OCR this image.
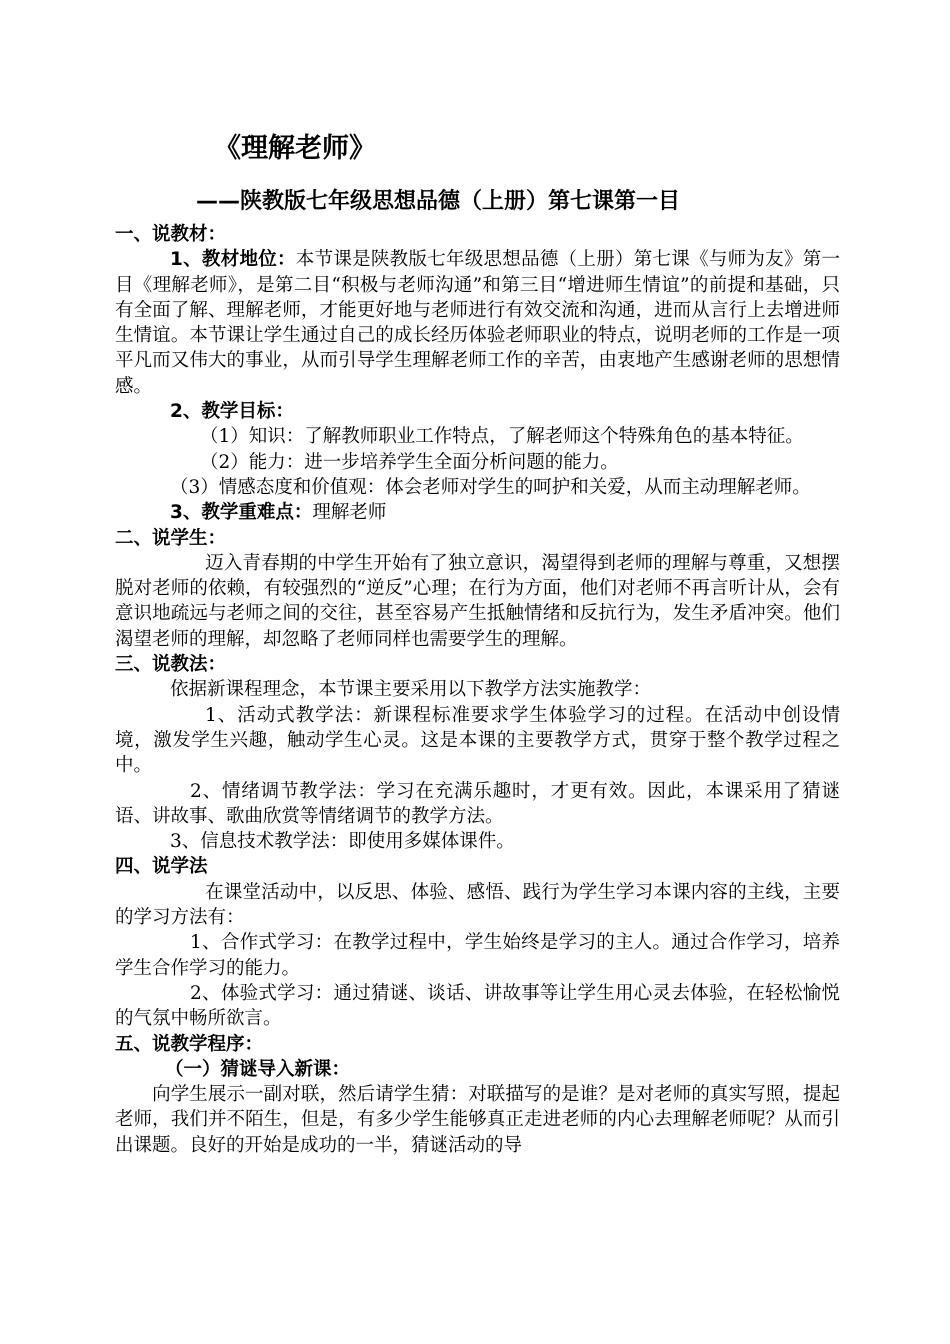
《理解老师》
——陕教版七年级思想品德（上册）第七课第一目

一、说教材：

1、教材地位：本节课是陕教版七年级思想品德（上册）第七课《与师为友》第一目《理解老师》，是第二目“积极与老师沟通”和第三目“增进师生情谊”的前提和基础，只有全面了解、理解老师，才能更好地与老师进行有效交流和沟通，进而从言行上去增进师生情谊。本节课让学生通过自己的成长经历体验老师职业的特点，说明老师的工作是一项平凡而又伟大的事业，从而引导学生理解老师工作的辛苦，由衷地产生感谢老师的思想情感。

2、教学目标：

（1）知识：了解教师职业工作特点，了解老师这个特殊角色的基本特征。

（2）能力：进一步培养学生全面分析问题的能力。

（3）情感态度和价值观：体会老师对学生的呵护和关爱，从而主动理解老师。

3、教学重难点：理解老师

二、说学生：

迈入青春期的中学生开始有了独立意识，渴望得到老师的理解与尊重，又想摆脱对老师的依赖，有较强烈的“逆反”心理；在行为方面，他们对老师不再言听计从，会有意识地疏远与老师之间的交往，甚至容易产生抵触情绪和反抗行为，发生矛盾冲突。他们渴望老师的理解，却忽略了老师同样也需要学生的理解。

三、说教法：

依据新课程理念，本节课主要采用以下教学方法实施教学：

1、活动式教学法：新课程标准要求学生体验学习的过程。在活动中创设情境，激发学生兴趣，触动学生心灵。这是本课的主要教学方式，贯穿于整个教学过程之中。

2、情绪调节教学法：学习在充满乐趣时，才更有效。因此，本课采用了猜谜语、讲故事、歌曲欣赏等情绪调节的教学方法。

3、信息技术教学法：即使用多媒体课件。

四、说学法

在课堂活动中，以反思、体验、感悟、践行为学生学习本课内容的主线，主要的学习方法有：

1、合作式学习：在教学过程中，学生始终是学习的主人。通过合作学习，培养学生合作学习的能力。

2、体验式学习：通过猜谜、谈话、讲故事等让学生用心灵去体验，在轻松愉悦的气氛中畅所欲言。

五、说教学程序：

（一）猜谜导入新课：

向学生展示一副对联，然后请学生猜：对联描写的是谁？是对老师的真实写照，提起老师，我们并不陌生，但是，有多少学生能够真正走进老师的内心去理解老师呢？从而引出课题。良好的开始是成功的一半，猜谜活动的导
